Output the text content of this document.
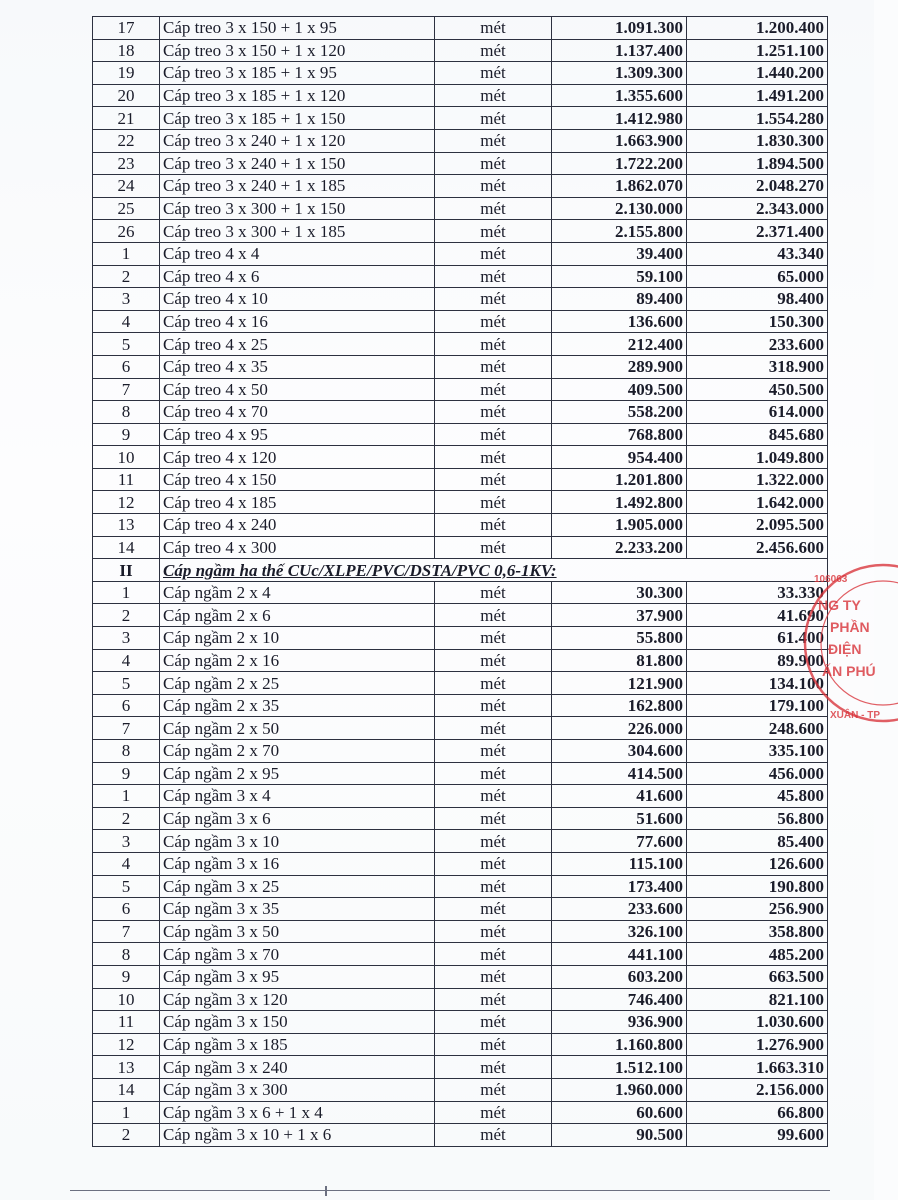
17	Cáp treo 3 x 150 + 1 x 95	mét	1.091.300	1.200.400
18	Cáp treo 3 x 150 + 1 x 120	mét	1.137.400	1.251.100
19	Cáp treo 3 x 185 + 1 x 95	mét	1.309.300	1.440.200
20	Cáp treo 3 x 185 + 1 x 120	mét	1.355.600	1.491.200
21	Cáp treo 3 x 185 + 1 x 150	mét	1.412.980	1.554.280
22	Cáp treo 3 x 240 + 1 x 120	mét	1.663.900	1.830.300
23	Cáp treo 3 x 240 + 1 x 150	mét	1.722.200	1.894.500
24	Cáp treo 3 x 240 + 1 x 185	mét	1.862.070	2.048.270
25	Cáp treo 3 x 300 + 1 x 150	mét	2.130.000	2.343.000
26	Cáp treo 3 x 300 + 1 x 185	mét	2.155.800	2.371.400
1	Cáp treo 4 x 4	mét	39.400	43.340
2	Cáp treo 4 x 6	mét	59.100	65.000
3	Cáp treo 4 x 10	mét	89.400	98.400
4	Cáp treo 4 x 16	mét	136.600	150.300
5	Cáp treo 4 x 25	mét	212.400	233.600
6	Cáp treo 4 x 35	mét	289.900	318.900
7	Cáp treo 4 x 50	mét	409.500	450.500
8	Cáp treo 4 x 70	mét	558.200	614.000
9	Cáp treo 4 x 95	mét	768.800	845.680
10	Cáp treo 4 x 120	mét	954.400	1.049.800
11	Cáp treo 4 x 150	mét	1.201.800	1.322.000
12	Cáp treo 4 x 185	mét	1.492.800	1.642.000
13	Cáp treo 4 x 240	mét	1.905.000	2.095.500
14	Cáp treo 4 x 300	mét	2.233.200	2.456.600
II	Cáp ngầm ha thế CUc/XLPE/PVC/DSTA/PVC 0,6-1KV:			
1	Cáp ngầm 2 x 4	mét	30.300	33.330
2	Cáp ngầm 2 x 6	mét	37.900	41.690
3	Cáp ngầm 2 x 10	mét	55.800	61.400
4	Cáp ngầm 2 x 16	mét	81.800	89.900
5	Cáp ngầm 2 x 25	mét	121.900	134.100
6	Cáp ngầm 2 x 35	mét	162.800	179.100
7	Cáp ngầm 2 x 50	mét	226.000	248.600
8	Cáp ngầm 2 x 70	mét	304.600	335.100
9	Cáp ngầm 2 x 95	mét	414.500	456.000
1	Cáp ngầm 3 x 4	mét	41.600	45.800
2	Cáp ngầm 3 x 6	mét	51.600	56.800
3	Cáp ngầm 3 x 10	mét	77.600	85.400
4	Cáp ngầm 3 x 16	mét	115.100	126.600
5	Cáp ngầm 3 x 25	mét	173.400	190.800
6	Cáp ngầm 3 x 35	mét	233.600	256.900
7	Cáp ngầm 3 x 50	mét	326.100	358.800
8	Cáp ngầm 3 x 70	mét	441.100	485.200
9	Cáp ngầm 3 x 95	mét	603.200	663.500
10	Cáp ngầm 3 x 120	mét	746.400	821.100
11	Cáp ngầm 3 x 150	mét	936.900	1.030.600
12	Cáp ngầm 3 x 185	mét	1.160.800	1.276.900
13	Cáp ngầm 3 x 240	mét	1.512.100	1.663.310
14	Cáp ngầm 3 x 300	mét	1.960.000	2.156.000
1	Cáp ngầm 3 x 6 + 1 x 4	mét	60.600	66.800
2	Cáp ngầm 3 x 10 + 1 x 6	mét	90.500	99.600
106063
NG TY
PHẦN
ĐIỆN
ẤN PHÚ
XUÂN - TP
